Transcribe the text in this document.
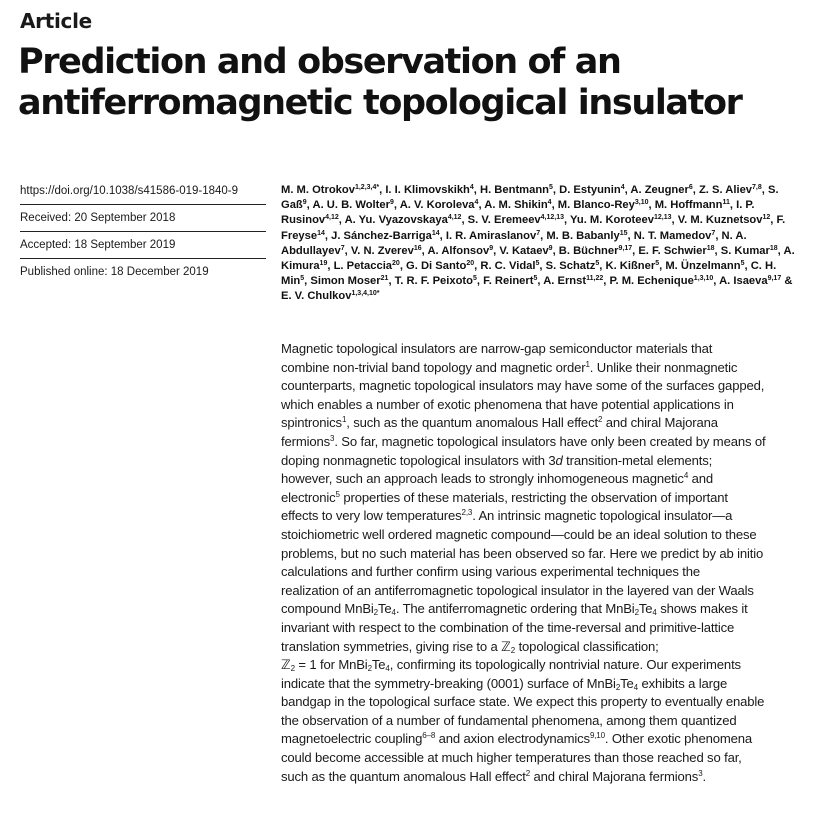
Article
Prediction and observation of an
antiferromagnetic topological insulator
https://doi.org/10.1038/s41586-019-1840-9
Received: 20 September 2018
Accepted: 18 September 2019
Published online: 18 December 2019
M. M. Otrokov$^{1,2,3,4*}$, I. I. Klimovskikh$^4$, H. Bentmann$^5$, D. Estyunin$^4$, A. Zeugner$^6$, Z. S. Aliev$^{7,8}$, S. Gaß$^9$, A. U. B. Wolter$^9$, A. V. Koroleva$^4$, A. M. Shikin$^4$, M. Blanco-Rey$^{3,10}$, M. Hoffmann$^{11}$, I. P. Rusinov$^{4,12}$, A. Yu. Vyazovskaya$^{4,12}$, S. V. Eremeev$^{4,12,13}$, Yu. M. Koroteev$^{12,13}$, V. M. Kuznetsov$^{12}$, F. Freyse$^{14}$, J. Sánchez-Barriga$^{14}$, I. R. Amiraslanov$^7$, M. B. Babanly$^{15}$, N. T. Mamedov$^7$, N. A. Abdullayev$^7$, V. N. Zverev$^{16}$, A. Alfonsov$^9$, V. Kataev$^9$, B. Büchner$^{9,17}$, E. F. Schwier$^{18}$, S. Kumar$^{18}$, A. Kimura$^{19}$, L. Petaccia$^{20}$, G. Di Santo$^{20}$, R. C. Vidal$^5$, S. Schatz$^5$, K. Kißner$^5$, M. Ünzelmann$^5$, C. H. Min$^5$, Simon Moser$^{21}$, T. R. F. Peixoto$^5$, F. Reinert$^5$, A. Ernst$^{11,22}$, P. M. Echenique$^{1,3,10}$, A. Isaeva$^{9,17}$ & E. V. Chulkov$^{1,3,4,10*}$
Magnetic topological insulators are narrow-gap semiconductor materials that
combine non-trivial band topology and magnetic order$^1$. Unlike their nonmagnetic
counterparts, magnetic topological insulators may have some of the surfaces gapped,
which enables a number of exotic phenomena that have potential applications in
spintronics$^1$, such as the quantum anomalous Hall effect$^2$ and chiral Majorana
fermions$^3$. So far, magnetic topological insulators have only been created by means of
doping nonmagnetic topological insulators with 3d transition-metal elements;
however, such an approach leads to strongly inhomogeneous magnetic$^4$ and
electronic$^5$ properties of these materials, restricting the observation of important
effects to very low temperatures$^{2,3}$. An intrinsic magnetic topological insulator—a
stoichiometric well ordered magnetic compound—could be an ideal solution to these
problems, but no such material has been observed so far. Here we predict by ab initio
calculations and further confirm using various experimental techniques the
realization of an antiferromagnetic topological insulator in the layered van der Waals
compound $MnBi_2Te_4$. The antiferromagnetic ordering that $MnBi_2Te_4$ shows makes it
invariant with respect to the combination of the time-reversal and primitive-lattice
translation symmetries, giving rise to a ℤ$_2$ topological classification;
ℤ$_2$ = 1 for $MnBi_2Te_4$, confirming its topologically nontrivial nature. Our experiments
indicate that the symmetry-breaking (0001) surface of $MnBi_2Te_4$ exhibits a large
bandgap in the topological surface state. We expect this property to eventually enable
the observation of a number of fundamental phenomena, among them quantized
magnetoelectric coupling$^{6-8}$ and axion electrodynamics$^{9,10}$. Other exotic phenomena
could become accessible at much higher temperatures than those reached so far,
such as the quantum anomalous Hall effect$^2$ and chiral Majorana fermions$^3$.
